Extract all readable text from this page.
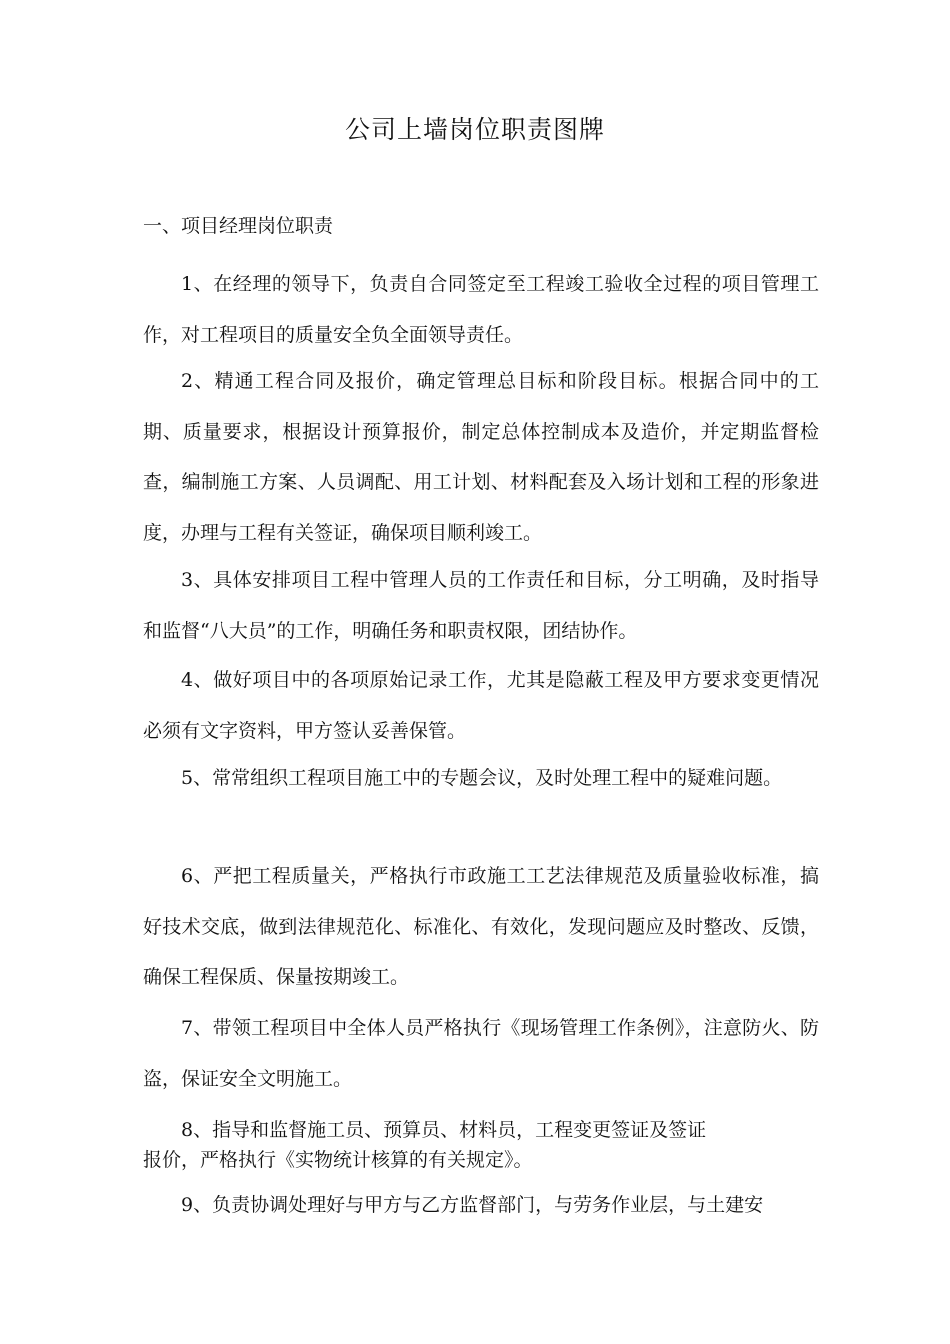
公司上墙岗位职责图牌
一、项目经理岗位职责

1、在经理的领导下，负责自合同签定至工程竣工验收全过程的项目管理工作，对工程项目的质量安全负全面领导责任。

2、精通工程合同及报价，确定管理总目标和阶段目标。根据合同中的工期、质量要求，根据设计预算报价，制定总体控制成本及造价，并定期监督检查，编制施工方案、人员调配、用工计划、材料配套及入场计划和工程的形象进度，办理与工程有关签证，确保项目顺利竣工。

3、具体安排项目工程中管理人员的工作责任和目标，分工明确，及时指导和监督“八大员”的工作，明确任务和职责权限，团结协作。

4、做好项目中的各项原始记录工作，尤其是隐蔽工程及甲方要求变更情况必须有文字资料，甲方签认妥善保管。

5、常常组织工程项目施工中的专题会议，及时处理工程中的疑难问题。

6、严把工程质量关，严格执行市政施工工艺法律规范及质量验收标准，搞好技术交底，做到法律规范化、标准化、有效化，发现问题应及时整改、反馈，确保工程保质、保量按期竣工。

7、带领工程项目中全体人员严格执行《现场管理工作条例》，注意防火、防盗，保证安全文明施工。

8、指导和监督施工员、预算员、材料员，工程变更签证及签证
报价，严格执行《实物统计核算的有关规定》。

9、负责协调处理好与甲方与乙方监督部门，与劳务作业层，与土建安
